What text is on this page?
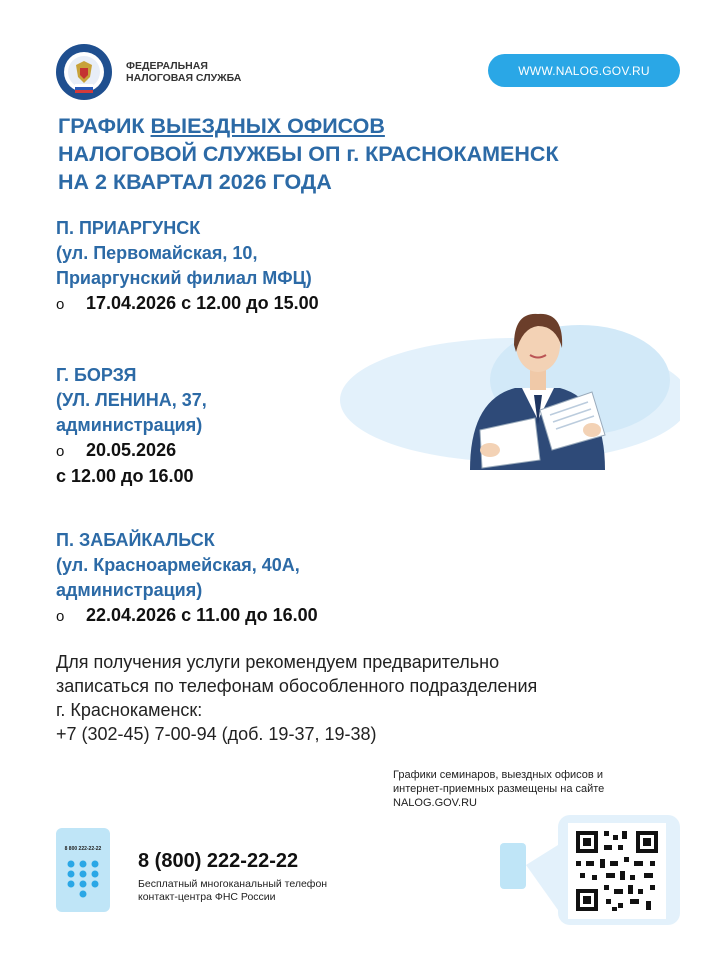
ФЕДЕРАЛЬНАЯ
НАЛОГОВАЯ СЛУЖБА
WWW.NALOG.GOV.RU
ГРАФИК ВЫЕЗДНЫХ ОФИСОВ
НАЛОГОВОЙ СЛУЖБЫ ОП г. КРАСНОКАМЕНСК
НА 2 КВАРТАЛ 2026 ГОДА
П. ПРИАРГУНСК
(ул. Первомайская, 10,
Приаргунский филиал МФЦ)
o 17.04.2026 с 12.00 до 15.00
Г. БОРЗЯ
(УЛ. ЛЕНИНА, 37,
администрация)
o 20.05.2026
с 12.00 до 16.00
П. ЗАБАЙКАЛЬСК
(ул. Красноармейская, 40А,
администрация)
o 22.04.2026 с 11.00 до 16.00
Для получения услуги рекомендуем предварительно
записаться по телефонам обособленного подразделения
г. Краснокаменск:
+7 (302-45) 7-00-94 (доб. 19-37, 19-38)
Графики семинаров, выездных офисов и
интернет-приемных размещены на сайте
NALOG.GOV.RU
8 800 222-22-22
8 (800) 222-22-22
Бесплатный многоканальный телефон
контакт-центра ФНС России
